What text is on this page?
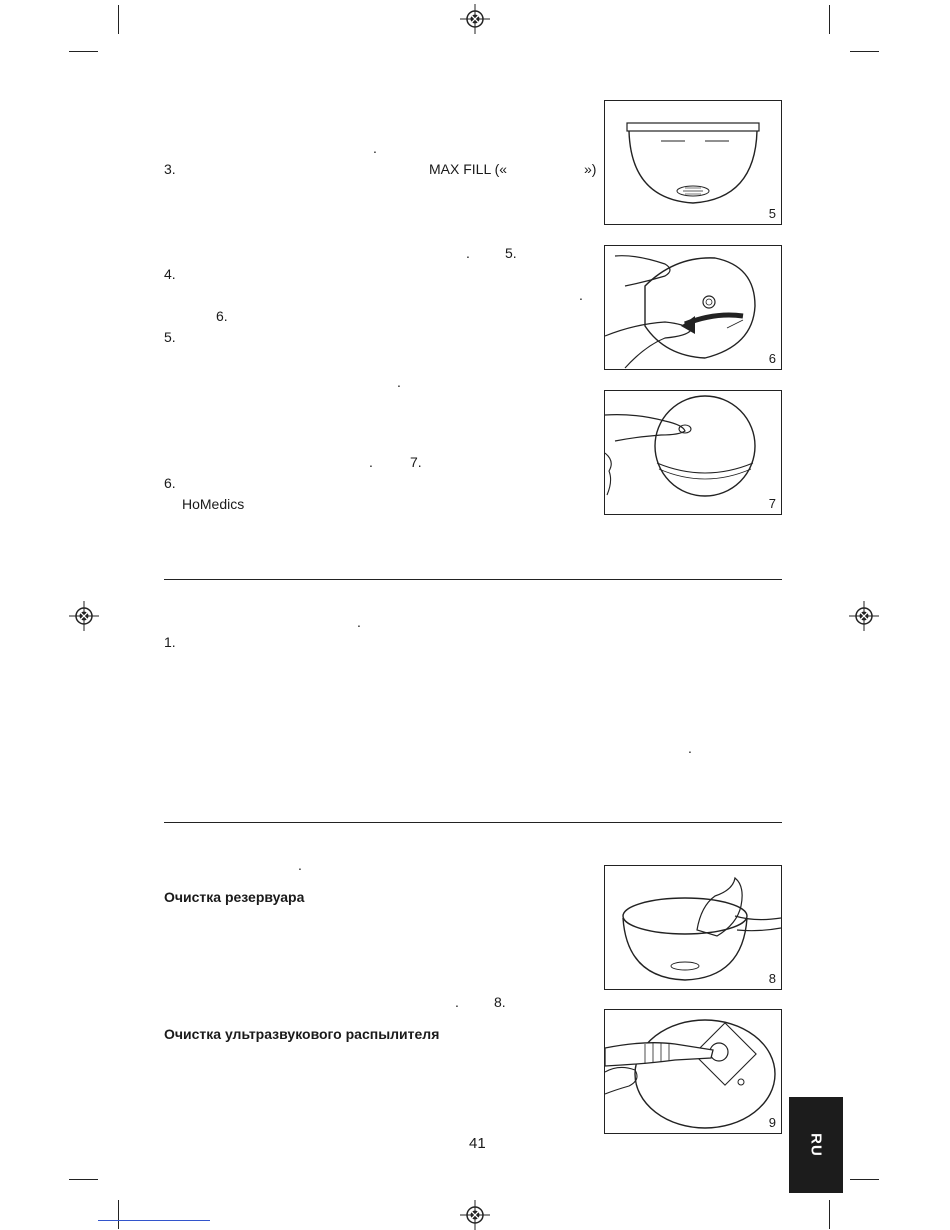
.
3.	MAX FILL («	»)
.	5.
4.
.
6.
5.
.
.	7.
6.
HoMedics
.
1.
.
.
Очистка резервуара
.	8.
Очистка ультразвукового распылителя
5
6
7
8
9
41	RU
